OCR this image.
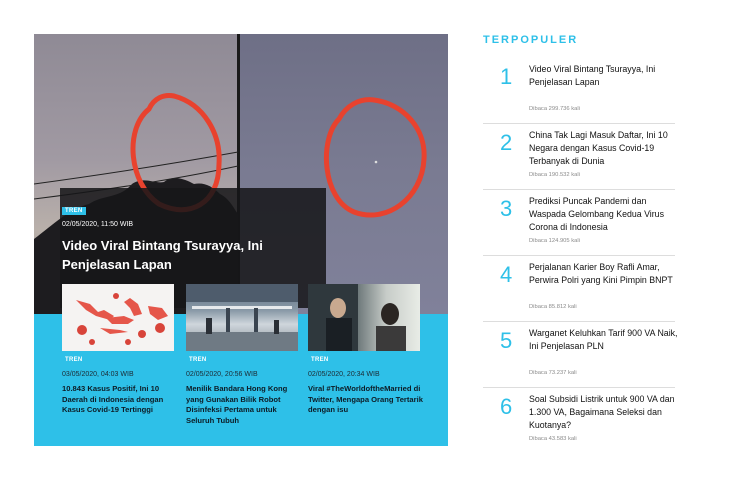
TREN
02/05/2020, 11:50 WIB
Video Viral Bintang Tsurayya, Ini Penjelasan Lapan
TREN
03/05/2020, 04:03 WIB
10.843 Kasus Positif, Ini 10 Daerah di Indonesia dengan Kasus Covid-19 Tertinggi
TREN
02/05/2020, 20:56 WIB
Menilik Bandara Hong Kong yang Gunakan Bilik Robot Disinfeksi Pertama untuk Seluruh Tubuh
TREN
02/05/2020, 20:34 WIB
Viral #TheWorldoftheMarried di Twitter, Mengapa Orang Tertarik dengan isu
TERPOPULER
1 Video Viral Bintang Tsurayya, Ini Penjelasan Lapan
Dibaca 299.736 kali
2 China Tak Lagi Masuk Daftar, Ini 10 Negara dengan Kasus Covid-19 Terbanyak di Dunia
Dibaca 190.532 kali
3 Prediksi Puncak Pandemi dan Waspada Gelombang Kedua Virus Corona di Indonesia
Dibaca 124.905 kali
4 Perjalanan Karier Boy Rafli Amar, Perwira Polri yang Kini Pimpin BNPT
Dibaca 85.812 kali
5 Warganet Keluhkan Tarif 900 VA Naik, Ini Penjelasan PLN
Dibaca 73.237 kali
6 Soal Subsidi Listrik untuk 900 VA dan 1.300 VA, Bagaimana Seleksi dan Kuotanya?
Dibaca 43.583 kali
